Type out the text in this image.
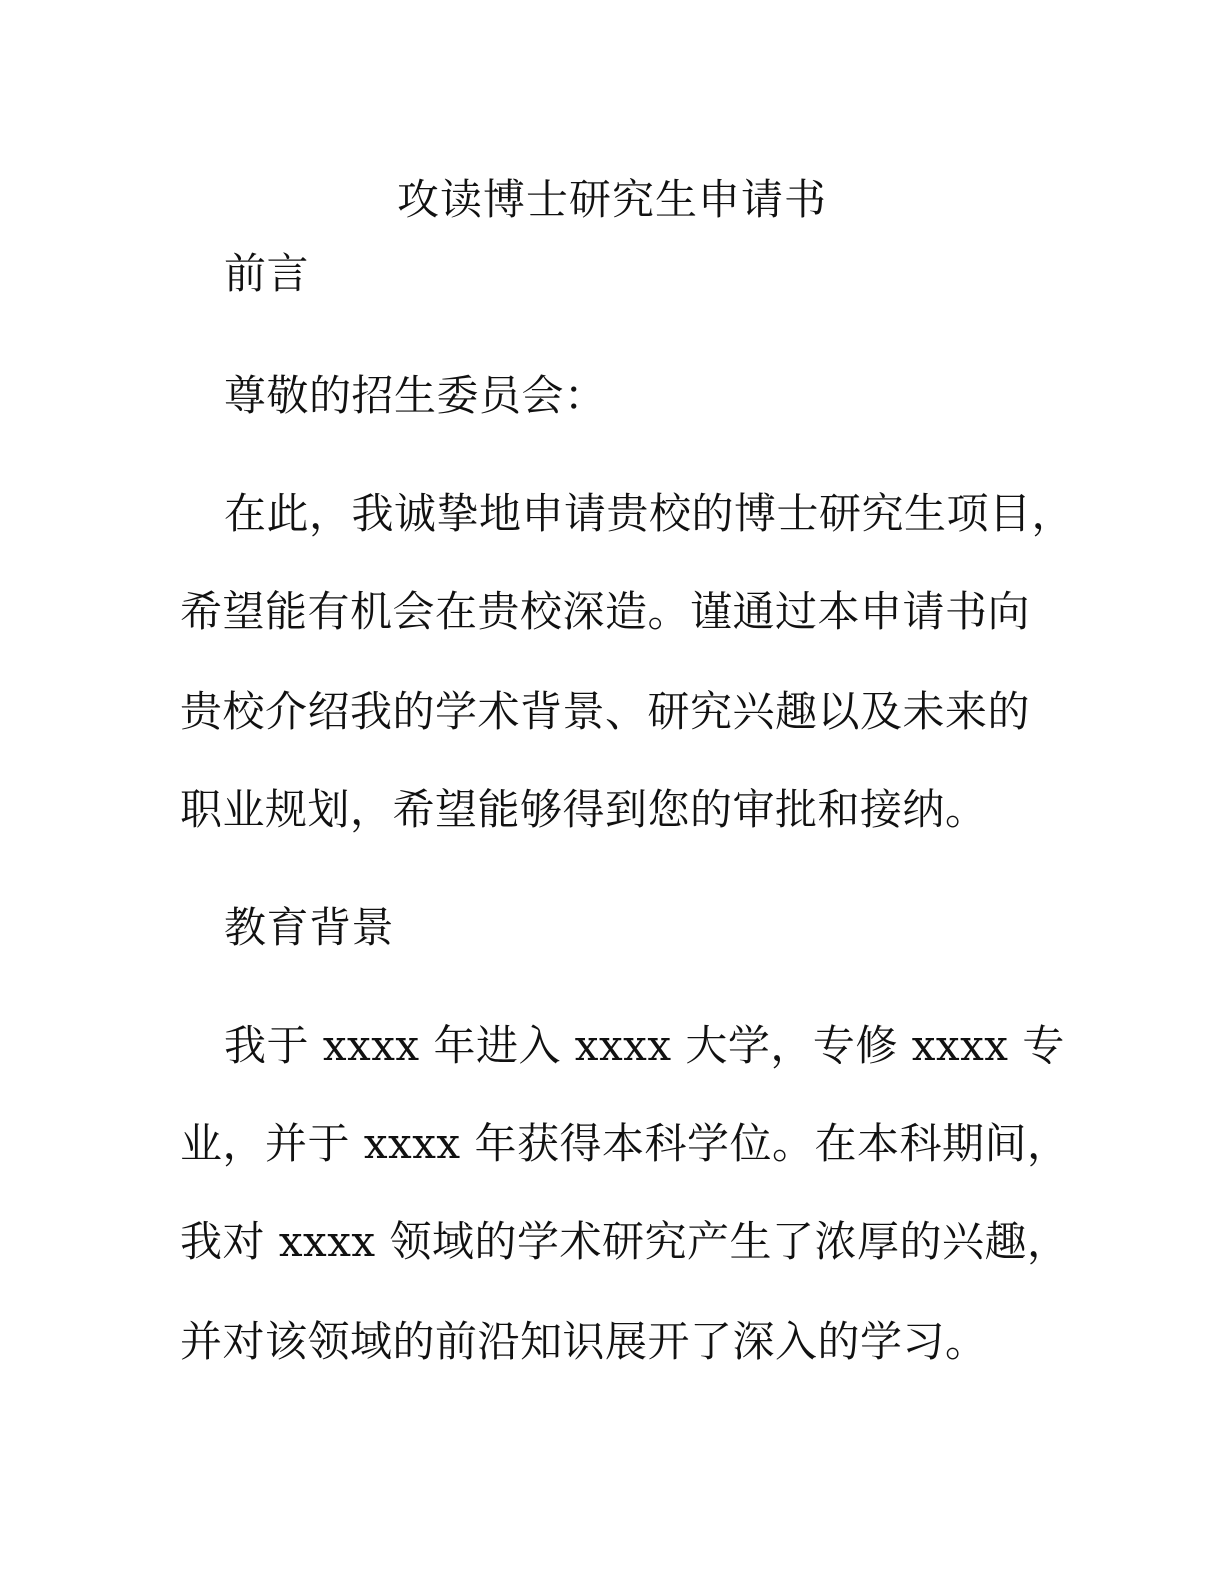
攻读博士研究生申请书
前言
尊敬的招生委员会：
在此，我诚挚地申请贵校的博士研究生项目，
希望能有机会在贵校深造。谨通过本申请书向
贵校介绍我的学术背景、研究兴趣以及未来的
职业规划，希望能够得到您的审批和接纳。
教育背景
我于 xxxx 年进入 xxxx 大学，专修 xxxx 专
业，并于 xxxx 年获得本科学位。在本科期间，
我对 xxxx 领域的学术研究产生了浓厚的兴趣，
并对该领域的前沿知识展开了深入的学习。
